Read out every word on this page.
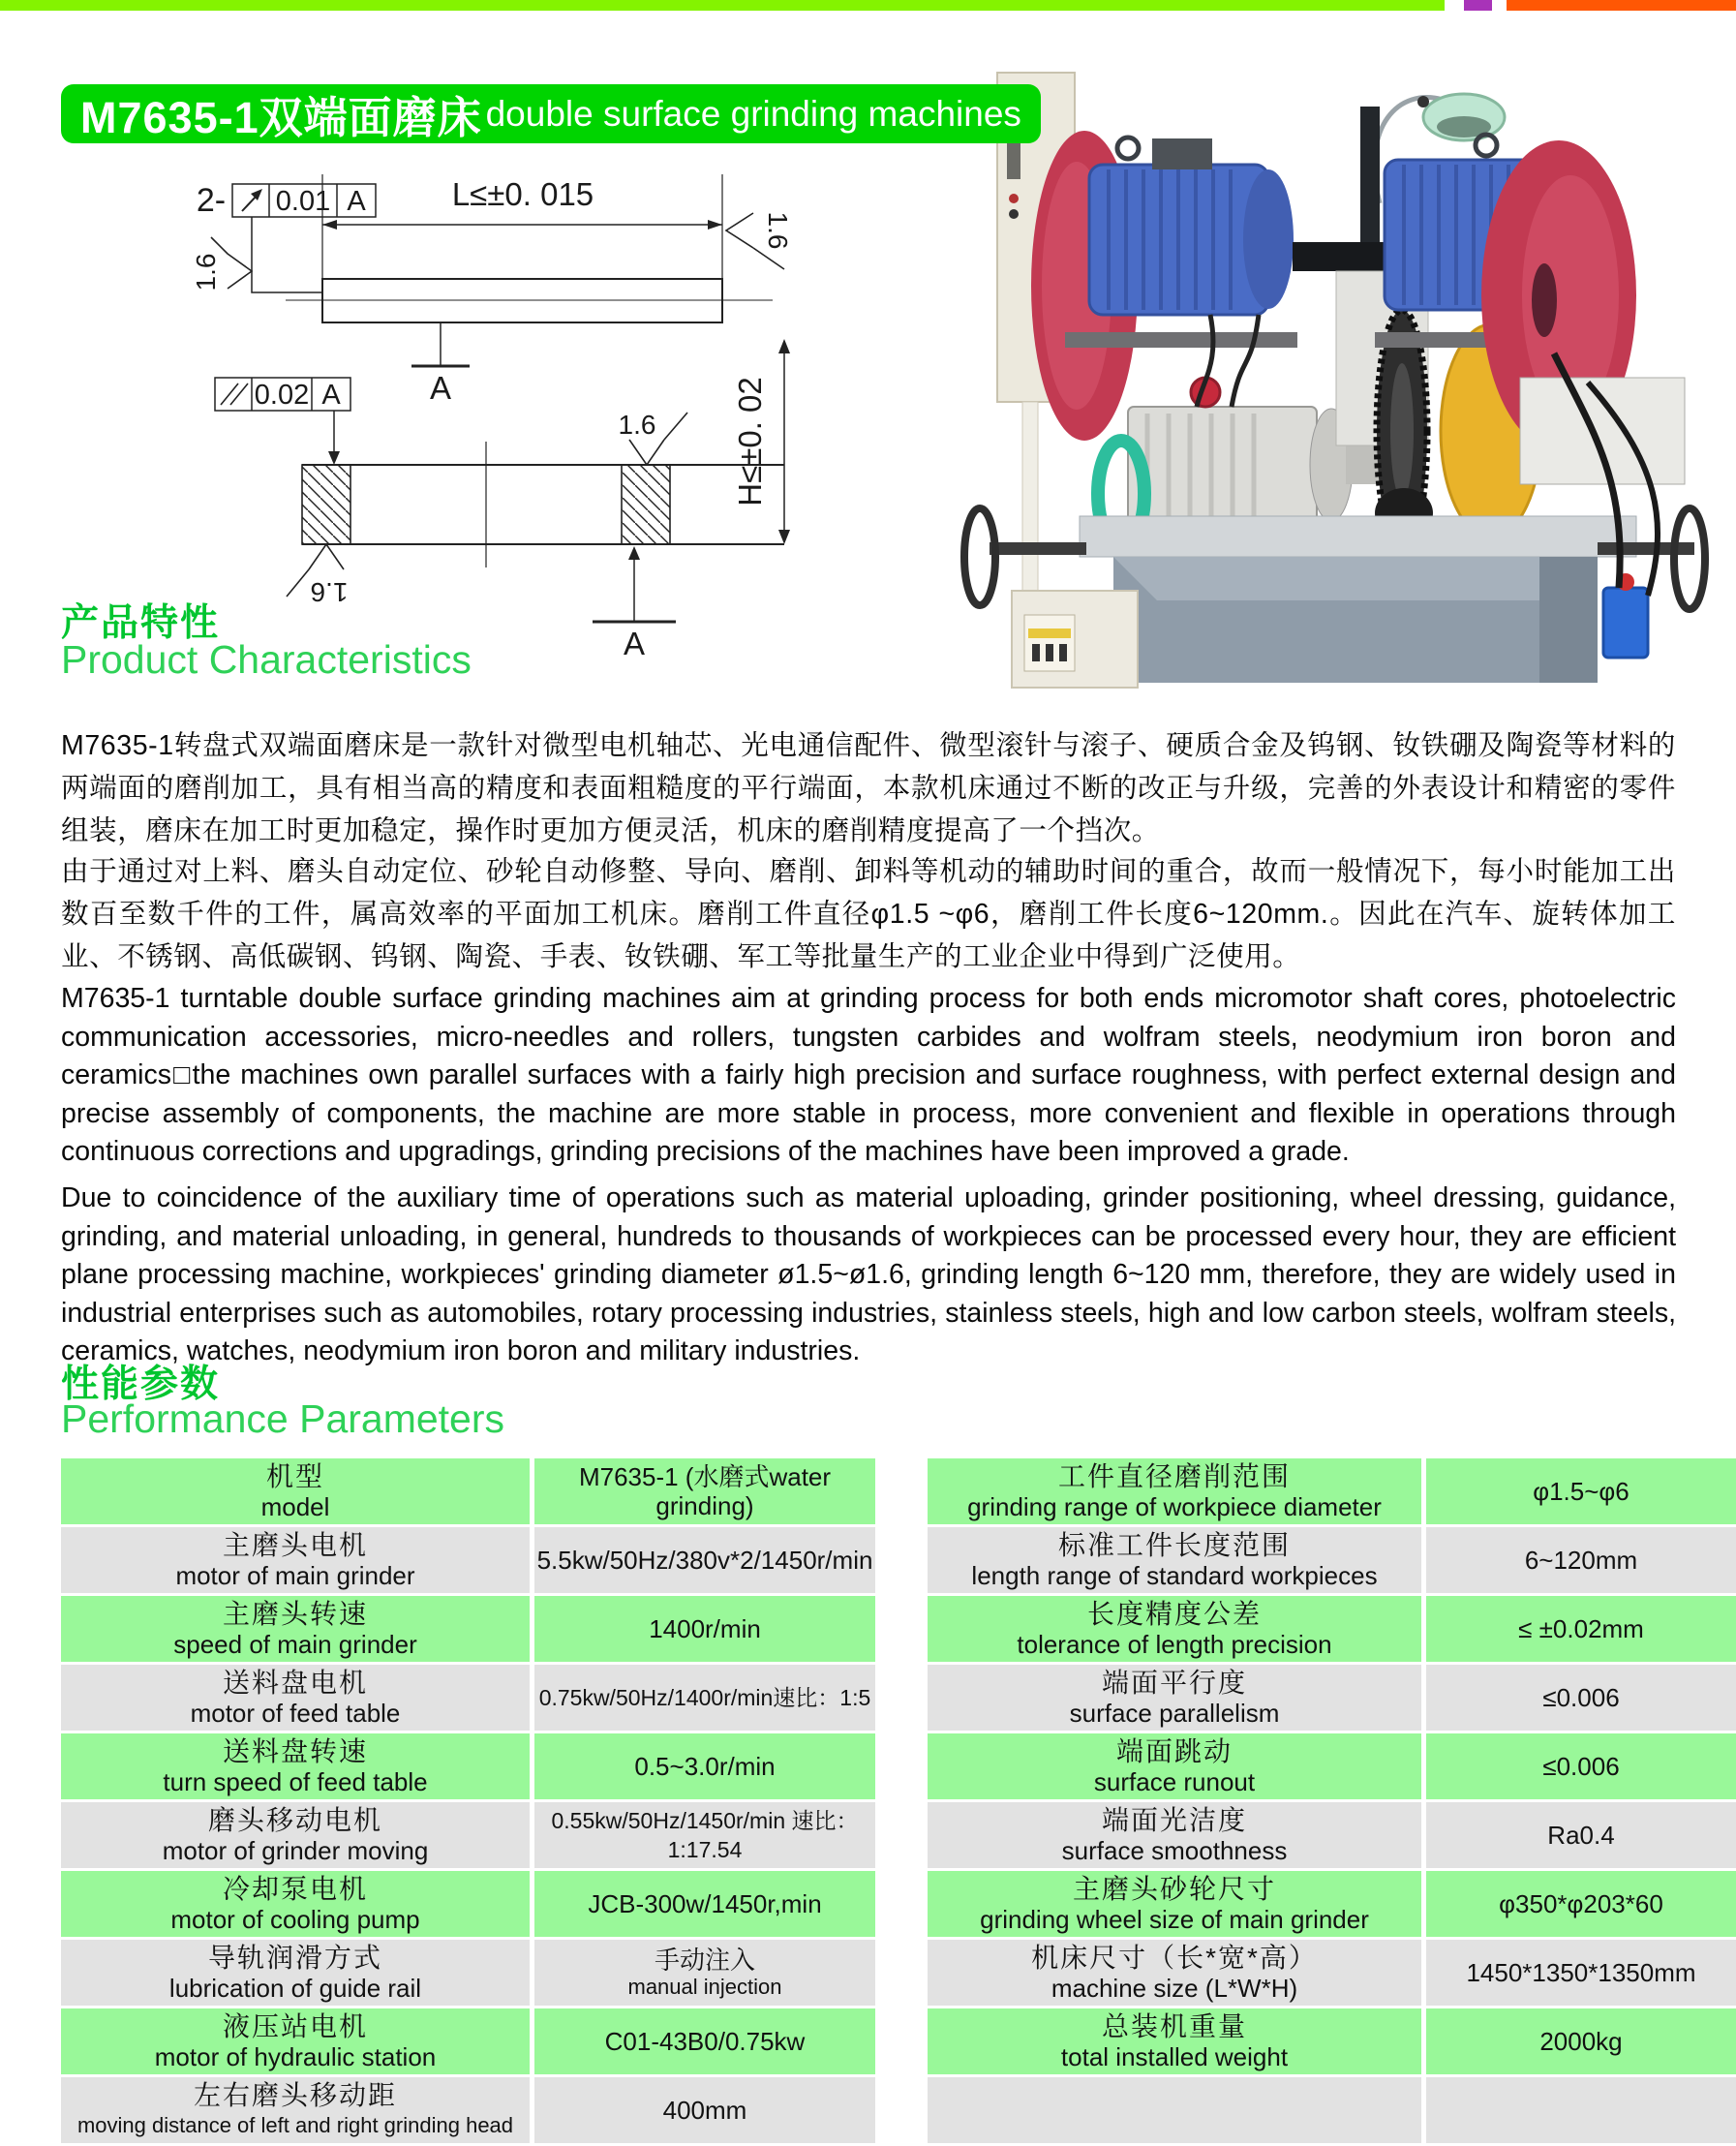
M7635-1双端面磨床 double surface grinding machines
2- 0.01 A
1.6
L≤±0. 015
1.6
A
0.02 A
1.6
1.6
A
H≤±0. 02
产品特性
Product Characteristics
M7635-1转盘式双端面磨床是一款针对微型电机轴芯、光电通信配件、微型滚针与滚子、硬质合金及钨钢、钕铁硼及陶瓷等材料的两端面的磨削加工，具有相当高的精度和表面粗糙度的平行端面，本款机床通过不断的改正与升级，完善的外表设计和精密的零件组装，磨床在加工时更加稳定，操作时更加方便灵活，机床的磨削精度提高了一个挡次。
由于通过对上料、磨头自动定位、砂轮自动修整、导向、磨削、卸料等机动的辅助时间的重合，故而一般情况下，每小时能加工出数百至数千件的工件，属高效率的平面加工机床。磨削工件直径φ1.5 ~φ6，磨削工件长度6~120mm.。因此在汽车、旋转体加工业、不锈钢、高低碳钢、钨钢、陶瓷、手表、钕铁硼、军工等批量生产的工业企业中得到广泛使用。
M7635-1 turntable double surface grinding machines aim at grinding process for both ends micromotor shaft cores, photoelectric communication accessories, micro-needles and rollers, tungsten carbides and wolfram steels, neodymium iron boron and ceramics□the machines own parallel surfaces with a fairly high precision and surface roughness, with perfect external design and precise assembly of components, the machine are more stable in process, more convenient and flexible in operations through continuous corrections and upgradings, grinding precisions of the machines have been improved a grade.
Due to coincidence of the auxiliary time of operations such as material uploading, grinder positioning, wheel dressing, guidance, grinding, and material unloading, in general, hundreds to thousands of workpieces can be processed every hour, they are efficient plane processing machine, workpieces' grinding diameter ø1.5~ø1.6, grinding length 6~120 mm, therefore, they are widely used in industrial enterprises such as automobiles, rotary processing industries, stainless steels, high and low carbon steels, wolfram steels, ceramics, watches, neodymium iron boron and military industries.
性能参数
Performance Parameters
机型
model
M7635-1 (水磨式water grinding)
主磨头电机
motor of main grinder
5.5kw/50Hz/380v*2/1450r/min
主磨头转速
speed of main grinder
1400r/min
送料盘电机
motor of feed table
0.75kw/50Hz/1400r/min速比：1:5
送料盘转速
turn speed of feed table
0.5~3.0r/min
磨头移动电机
motor of grinder moving
0.55kw/50Hz/1450r/min 速比：1:17.54
冷却泵电机
motor of cooling pump
JCB-300w/1450r,min
导轨润滑方式
lubrication of guide rail
手动注入
manual injection
液压站电机
motor of hydraulic station
C01-43B0/0.75kw
左右磨头移动距
moving distance of left and right grinding head
400mm
工件直径磨削范围
grinding range of workpiece diameter
φ1.5~φ6
标准工件长度范围
length range of standard workpieces
6~120mm
长度精度公差
tolerance of length precision
≤ ±0.02mm
端面平行度
surface parallelism
≤0.006
端面跳动
surface runout
≤0.006
端面光洁度
surface smoothness
Ra0.4
主磨头砂轮尺寸
grinding wheel size of main grinder
φ350*φ203*60
机床尺寸（长*宽*高）
machine size (L*W*H)
1450*1350*1350mm
总装机重量
total installed weight
2000kg
